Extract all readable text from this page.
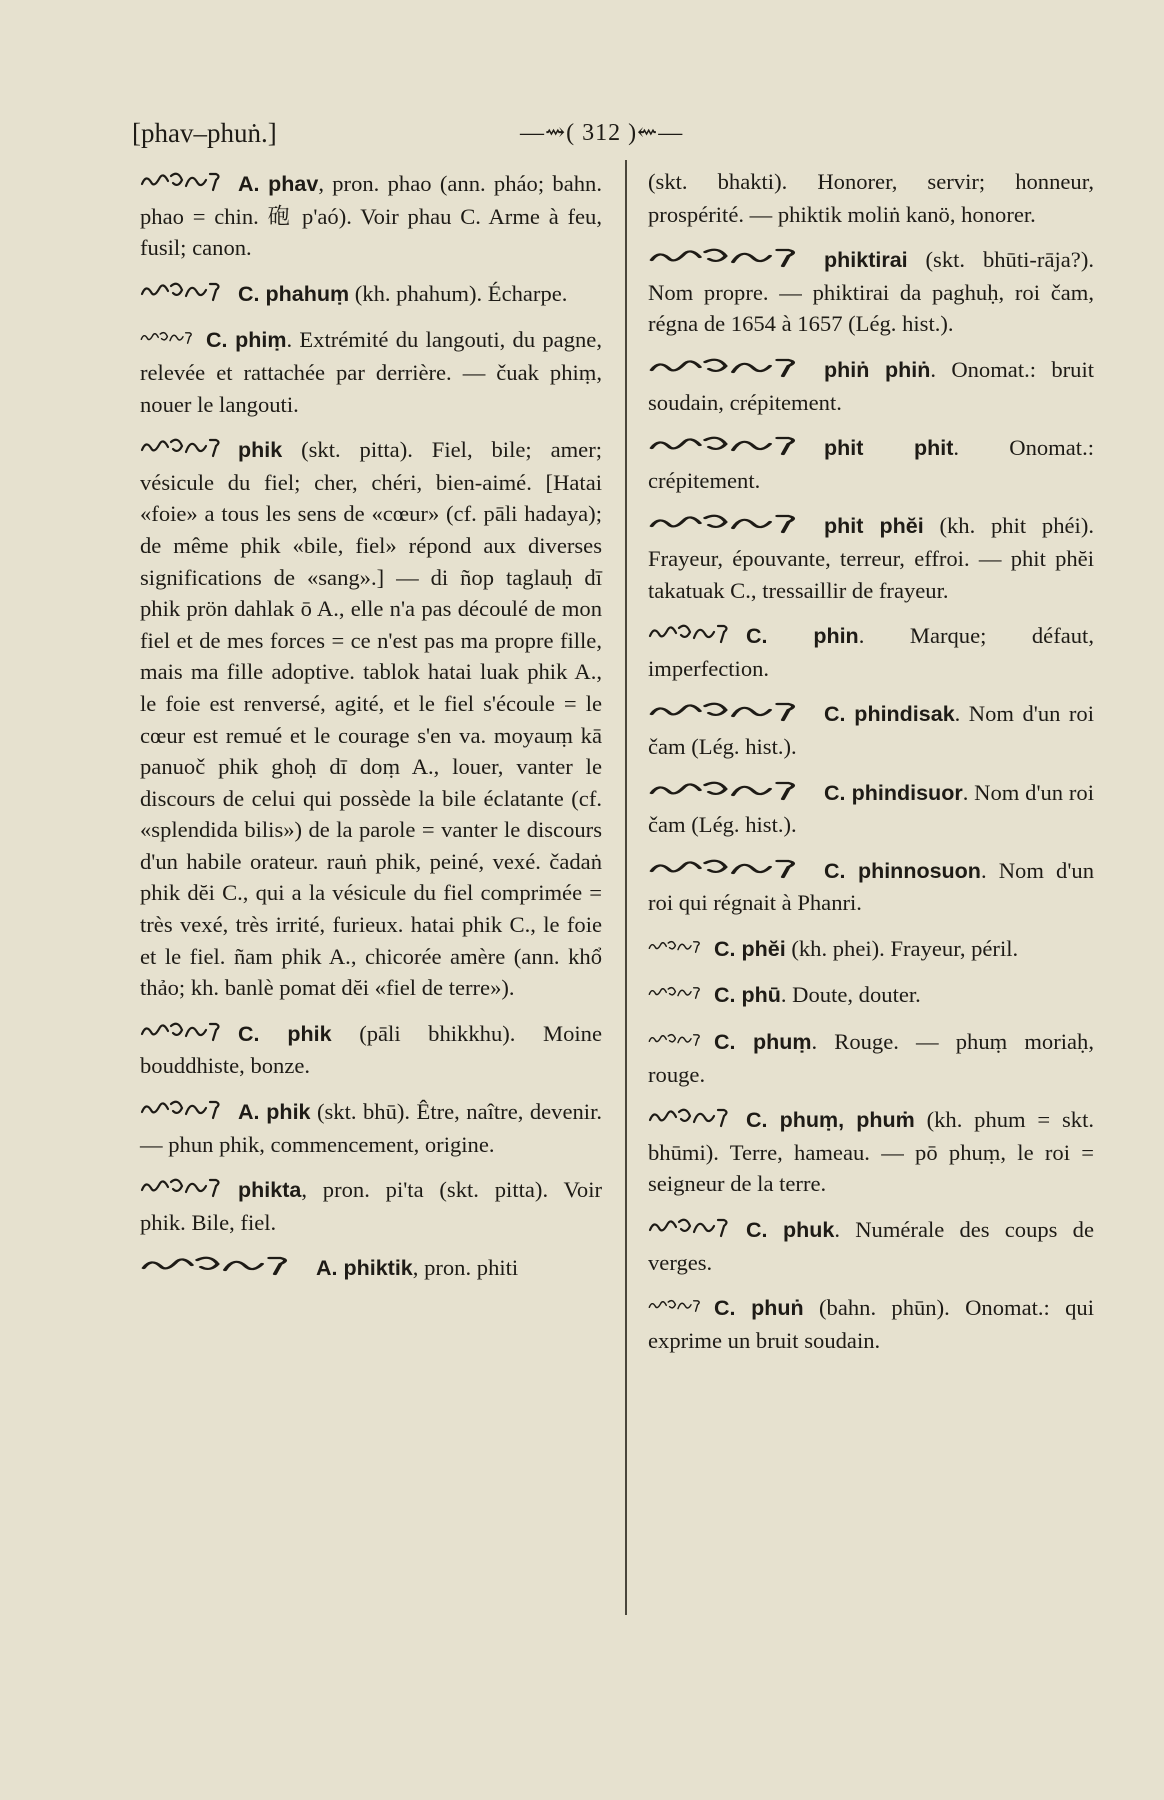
[phav–phuṅ.]	—⇝( 312 )⇜—

A. phav, pron. phao (ann. pháo; bahn. phao = chin. 砲 p'aó). Voir phau C. Arme à feu, fusil; canon.

C. phahuṃ (kh. phahum). Écharpe.

C. phiṃ. Extrémité du langouti, du pagne, relevée et rattachée par derrière. — čuak phiṃ, nouer le langouti.

phik (skt. pitta). Fiel, bile; amer; vésicule du fiel; cher, chéri, bien-aimé. [Hatai «foie» a tous les sens de «cœur» (cf. pāli hadaya); de même phik «bile, fiel» répond aux diverses significations de «sang».] — di ñop taglauḥ dī phik prön dahlak ō A., elle n'a pas découlé de mon fiel et de mes forces = ce n'est pas ma propre fille, mais ma fille adoptive. tablok hatai luak phik A., le foie est renversé, agité, et le fiel s'écoule = le cœur est remué et le courage s'en va. moyauṃ kā panuoč phik ghoḥ dī doṃ A., louer, vanter le discours de celui qui possède la bile éclatante (cf. «splendida bilis») de la parole = vanter le discours d'un habile orateur. rauṅ phik, peiné, vexé. čadaṅ phik dĕi C., qui a la vésicule du fiel comprimée = très vexé, très irrité, furieux. hatai phik C., le foie et le fiel. ñam phik A., chicorée amère (ann. khổ thảo; kh. banlè pomat dĕi «fiel de terre»).

C. phik (pāli bhikkhu). Moine bouddhiste, bonze.

A. phik (skt. bhū). Être, naître, devenir. — phun phik, commencement, origine.

phikta, pron. pi'ta (skt. pitta). Voir phik. Bile, fiel.

A. phiktik, pron. phiti

(skt. bhakti). Honorer, servir; honneur, prospérité. — phiktik moliṅ kanö, honorer.

phiktirai (skt. bhūti-rāja?). Nom propre. — phiktirai da paghuḥ, roi čam, régna de 1654 à 1657 (Lég. hist.).

phiṅ phiṅ. Onomat.: bruit soudain, crépitement.

phit phit. Onomat.: crépitement.

phit phĕi (kh. phit phéi). Frayeur, épouvante, terreur, effroi. — phit phĕi takatuak C., tressaillir de frayeur.

C. phin. Marque; défaut, imperfection.

C. phindisak. Nom d'un roi čam (Lég. hist.).

C. phindisuor. Nom d'un roi čam (Lég. hist.).

C. phinnosuon. Nom d'un roi qui régnait à Phanri.

C. phĕi (kh. phei). Frayeur, péril.

C. phū. Doute, douter.

C. phuṃ. Rouge. — phuṃ moriaḥ, rouge.

C. phuṃ, phuṁ (kh. phum = skt. bhūmi). Terre, hameau. — pō phuṃ, le roi = seigneur de la terre.

C. phuk. Numérale des coups de verges.

C. phuṅ (bahn. phūn). Onomat.: qui exprime un bruit soudain.
